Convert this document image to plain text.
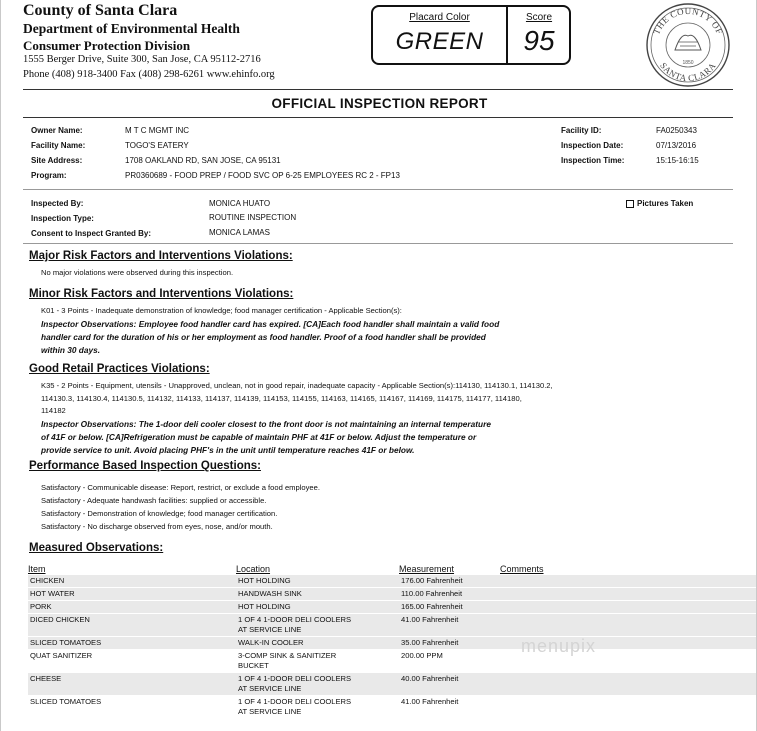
County of Santa Clara
Department of Environmental Health
Consumer Protection Division
1555 Berger Drive, Suite 300, San Jose, CA 95112-2716
Phone (408) 918-3400 Fax (408) 298-6261 www.ehinfo.org
Placard Color
GREEN
Score
95	THE COUNTY OF
SANTA CLARA
1850
OFFICIAL INSPECTION REPORT
Owner Name:	M T C MGMT INC
Facility Name:	TOGO'S EATERY
Site Address:	1708 OAKLAND RD, SAN JOSE, CA 95131
Program:	PR0360689 - FOOD PREP / FOOD SVC OP 6-25 EMPLOYEES RC 2 - FP13
Facility ID:	FA0250343
Inspection Date:	07/13/2016
Inspection Time:	15:15-16:15
Inspected By:	MONICA HUATO
Inspection Type:	ROUTINE INSPECTION
Consent to Inspect Granted By:	MONICA LAMAS
Pictures Taken
Major Risk Factors and Interventions Violations:
No major violations were observed during this inspection.
Minor Risk Factors and Interventions Violations:
K01 - 3 Points - Inadequate demonstration of knowledge; food manager certification - Applicable Section(s):
Inspector Observations: Employee food handler card has expired. [CA]Each food handler shall maintain a valid food
handler card for the duration of his or her employment as food handler. Proof of a food handler shall be provided
within 30 days.
Good Retail Practices Violations:
K35 - 2 Points - Equipment, utensils - Unapproved, unclean, not in good repair, inadequate capacity - Applicable Section(s):114130, 114130.1, 114130.2,
114130.3, 114130.4, 114130.5, 114132, 114133, 114137, 114139, 114153, 114155, 114163, 114165, 114167, 114169, 114175, 114177, 114180,
114182
Inspector Observations: The 1-door deli cooler closest to the front door is not maintaining an internal temperature
of 41F or below. [CA]Refrigeration must be capable of maintain PHF at 41F or below. Adjust the temperature or
provide service to unit. Avoid placing PHF's in the unit until temperature reaches 41F or below.
Performance Based Inspection Questions:
Satisfactory - Communicable disease: Report, restrict, or exclude a food employee.
Satisfactory - Adequate handwash facilities: supplied or accessible.
Satisfactory - Demonstration of knowledge; food manager certification.
Satisfactory - No discharge observed from eyes, nose, and/or mouth.
Measured Observations:
Item	Location	Measurement	Comments
CHICKEN	HOT HOLDING	176.00 Fahrenheit	
HOT WATER	HANDWASH SINK	110.00 Fahrenheit	
PORK	HOT HOLDING	165.00 Fahrenheit	
DICED CHICKEN	1 OF 4 1-DOOR DELI COOLERS
AT SERVICE LINE	41.00 Fahrenheit	
SLICED TOMATOES	WALK-IN COOLER	35.00 Fahrenheit	
QUAT SANITIZER	3-COMP SINK & SANITIZER
BUCKET	200.00 PPM	
CHEESE	1 OF 4 1-DOOR DELI COOLERS
AT SERVICE LINE	40.00 Fahrenheit	
SLICED TOMATOES	1 OF 4 1-DOOR DELI COOLERS
AT SERVICE LINE	41.00 Fahrenheit	
menupix
